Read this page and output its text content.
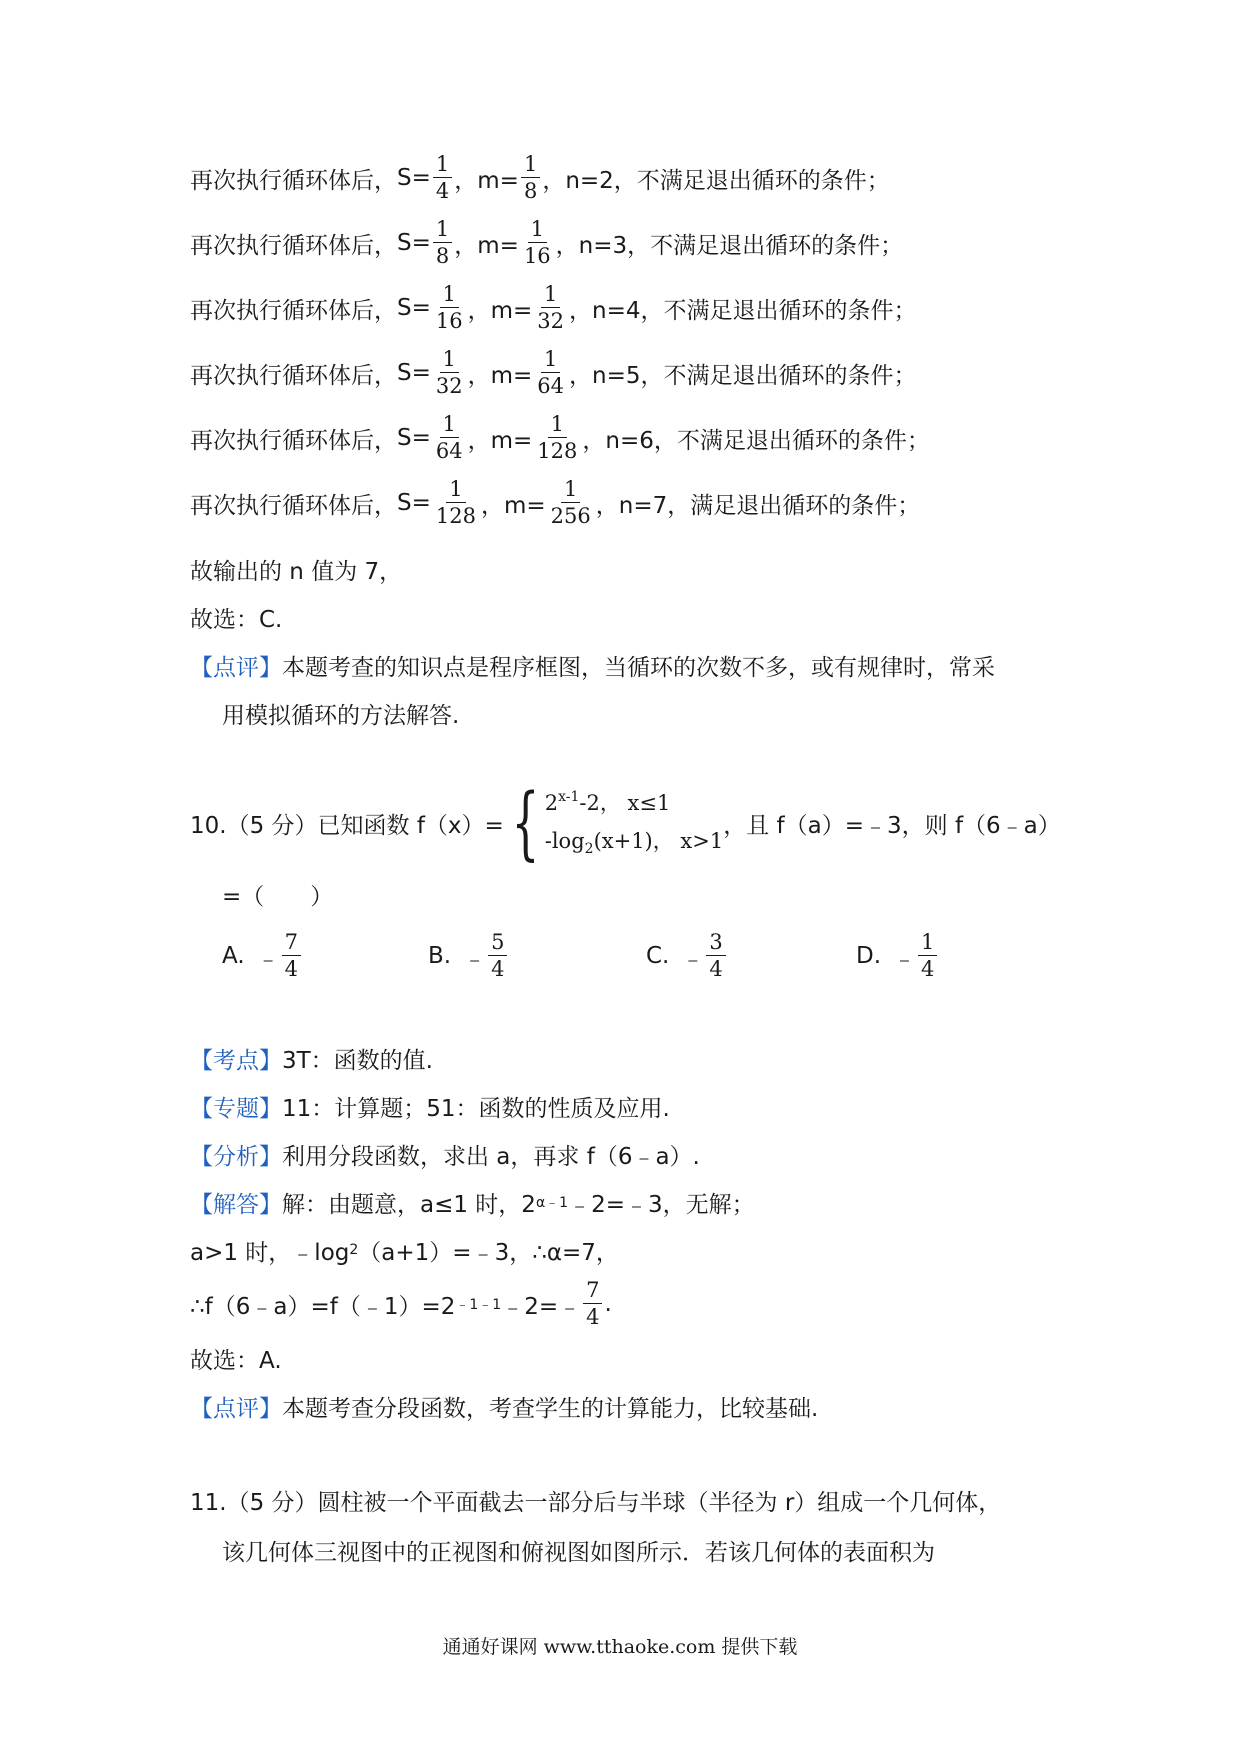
再次执行循环体后， $S= \frac{1}{4}$ ，$m= \frac{1}{8}$ ，n=2，不满足退出循环的条件；
再次执行循环体后， $S= \frac{1}{8}$ ，$m= \frac{1}{16}$ ，n=3，不满足退出循环的条件；
再次执行循环体后， $S= \frac{1}{16}$ ，$m= \frac{1}{32}$ ，n=4，不满足退出循环的条件；
再次执行循环体后， $S= \frac{1}{32}$ ，$m= \frac{1}{64}$ ，n=5，不满足退出循环的条件；
再次执行循环体后， $S= \frac{1}{64}$ ，$m= \frac{1}{128}$ ，n=6，不满足退出循环的条件；
再次执行循环体后， $S= \frac{1}{128}$ ，$m= \frac{1}{256}$ ，n=7，满足退出循环的条件；
故输出的 n 值为 7，
故选：C.
【点评】 本题考查的知识点是程序框图，当循环的次数不多，或有规律时，常采
用模拟循环的方法解答.
10.（5 分）已知函数 f（x）= { 2$^{x-1}$-2， x≤1
$-\log_2(x+1)$， x>1
，且 f（a）=﹣3，则 f（6﹣a）
=（　　）
A. ﹣ $\frac{7}{4}$	B. ﹣ $\frac{5}{4}$	C. ﹣ $\frac{3}{4}$	D. ﹣ $\frac{1}{4}$
【考点】 3T：函数的值.
【专题】 11：计算题；51：函数的性质及应用.
【分析】 利用分段函数，求出 a，再求 f（6﹣a）.
【解答】 解：由题意，a≤1 时，2 α﹣1 ﹣2=﹣3，无解；
a>1 时，﹣log 2 （a+1）=﹣3，∴α=7，
∴f（6﹣a）=f（﹣1）=2 ﹣1﹣1 ﹣2=﹣ $\frac{7}{4}$ .
故选：A.
【点评】 本题考查分段函数，考查学生的计算能力，比较基础.
11.（5 分）圆柱被一个平面截去一部分后与半球（半径为 r）组成一个几何体，
该几何体三视图中的正视图和俯视图如图所示．若该几何体的表面积为
通通好课网 www.tthaoke.com 提供下载
